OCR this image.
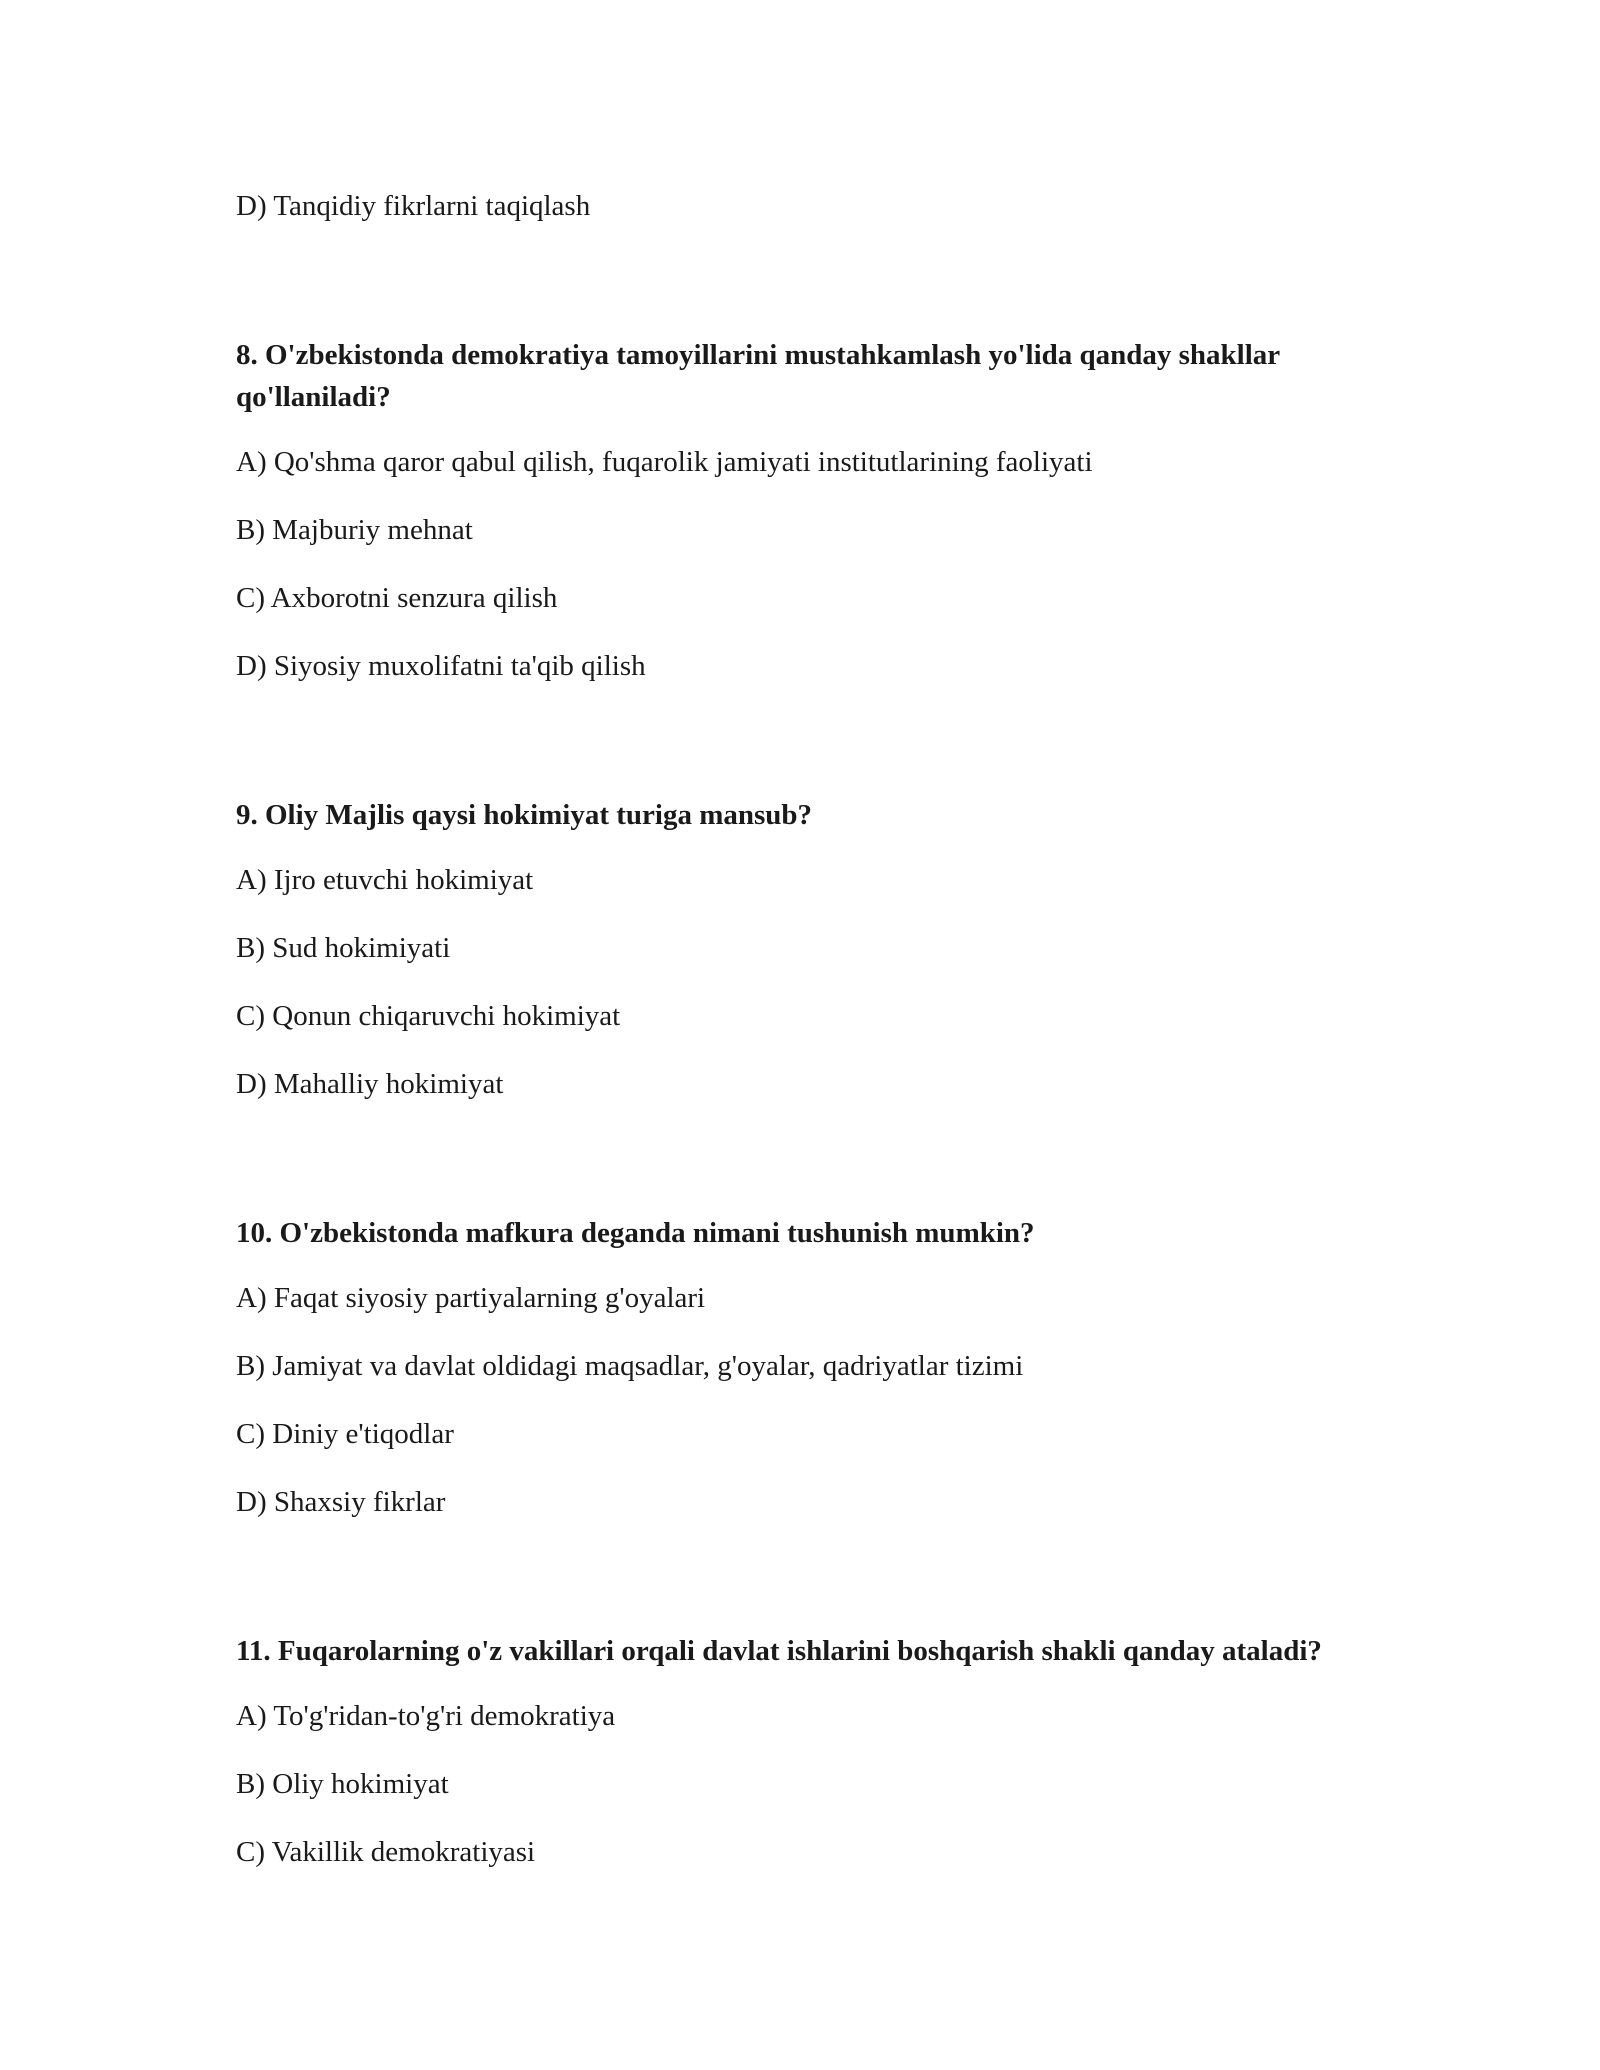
D) Tanqidiy fikrlarni taqiqlash

8. O'zbekistonda demokratiya tamoyillarini mustahkamlash yo'lida qanday shakllar qo'llaniladi?

A) Qo'shma qaror qabul qilish, fuqarolik jamiyati institutlarining faoliyati

B) Majburiy mehnat

C) Axborotni senzura qilish

D) Siyosiy muxolifatni ta'qib qilish

9. Oliy Majlis qaysi hokimiyat turiga mansub?

A) Ijro etuvchi hokimiyat

B) Sud hokimiyati

C) Qonun chiqaruvchi hokimiyat

D) Mahalliy hokimiyat

10. O'zbekistonda mafkura deganda nimani tushunish mumkin?

A) Faqat siyosiy partiyalarning g'oyalari

B) Jamiyat va davlat oldidagi maqsadlar, g'oyalar, qadriyatlar tizimi

C) Diniy e'tiqodlar

D) Shaxsiy fikrlar

11. Fuqarolarning o'z vakillari orqali davlat ishlarini boshqarish shakli qanday ataladi?

A) To'g'ridan-to'g'ri demokratiya

B) Oliy hokimiyat

C) Vakillik demokratiyasi
